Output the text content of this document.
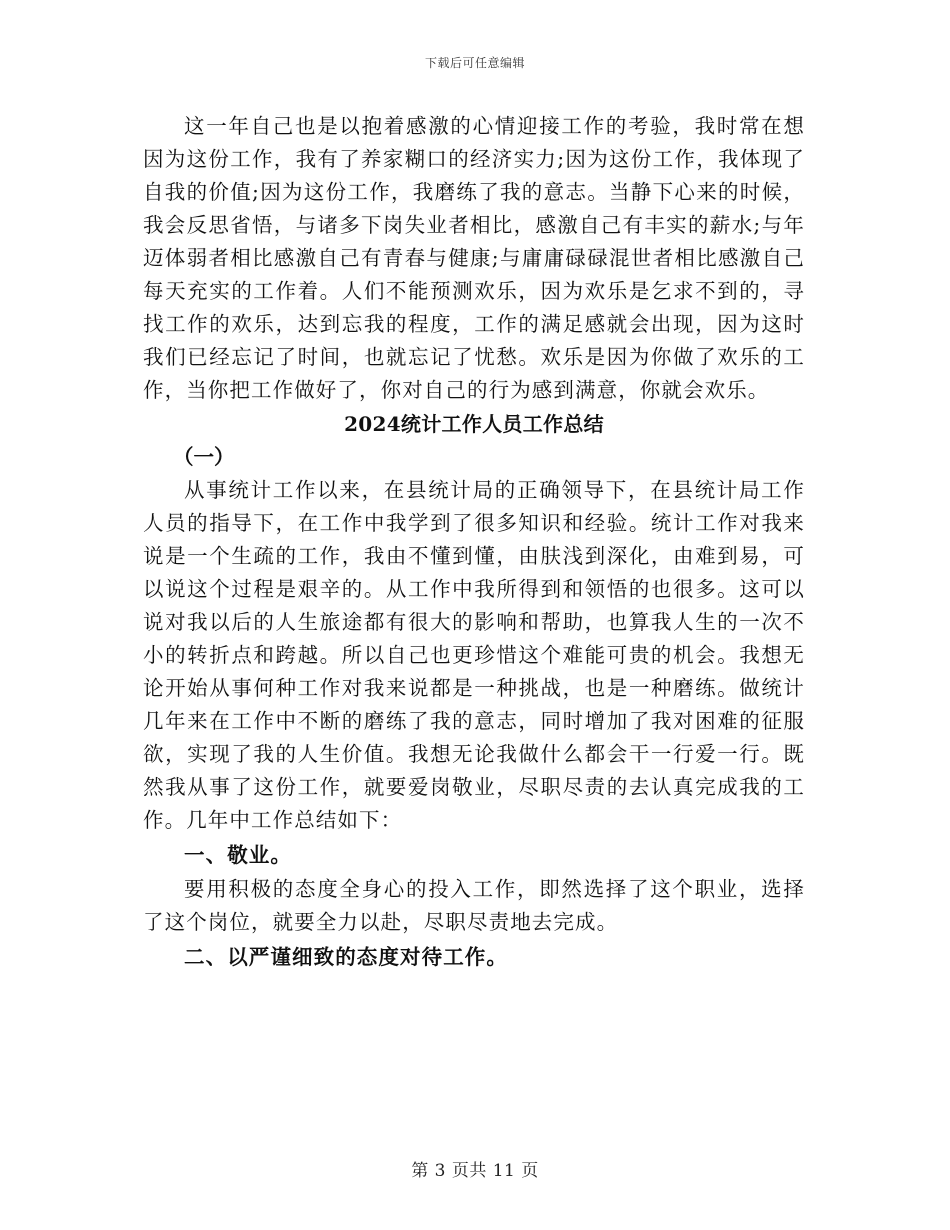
下载后可任意编辑

这一年自己也是以抱着感激的心情迎接工作的考验，我时常在想因为这份工作，我有了养家糊口的经济实力;因为这份工作，我体现了自我的价值;因为这份工作，我磨练了我的意志。当静下心来的时候，我会反思省悟，与诸多下岗失业者相比，感激自己有丰实的薪水;与年迈体弱者相比感激自己有青春与健康;与庸庸碌碌混世者相比感激自己每天充实的工作着。人们不能预测欢乐，因为欢乐是乞求不到的，寻找工作的欢乐，达到忘我的程度，工作的满足感就会出现，因为这时我们已经忘记了时间，也就忘记了忧愁。欢乐是因为你做了欢乐的工作，当你把工作做好了，你对自己的行为感到满意，你就会欢乐。

2024统计工作人员工作总结

（一）

从事统计工作以来，在县统计局的正确领导下，在县统计局工作人员的指导下，在工作中我学到了很多知识和经验。统计工作对我来说是一个生疏的工作，我由不懂到懂，由肤浅到深化，由难到易，可以说这个过程是艰辛的。从工作中我所得到和领悟的也很多。这可以说对我以后的人生旅途都有很大的影响和帮助，也算我人生的一次不小的转折点和跨越。所以自己也更珍惜这个难能可贵的机会。我想无论开始从事何种工作对我来说都是一种挑战，也是一种磨练。做统计几年来在工作中不断的磨练了我的意志，同时增加了我对困难的征服欲，实现了我的人生价值。我想无论我做什么都会干一行爱一行。既然我从事了这份工作，就要爱岗敬业，尽职尽责的去认真完成我的工作。几年中工作总结如下：

一、敬业。

要用积极的态度全身心的投入工作，即然选择了这个职业，选择了这个岗位，就要全力以赴，尽职尽责地去完成。

二、以严谨细致的态度对待工作。

第 3 页共 11 页
